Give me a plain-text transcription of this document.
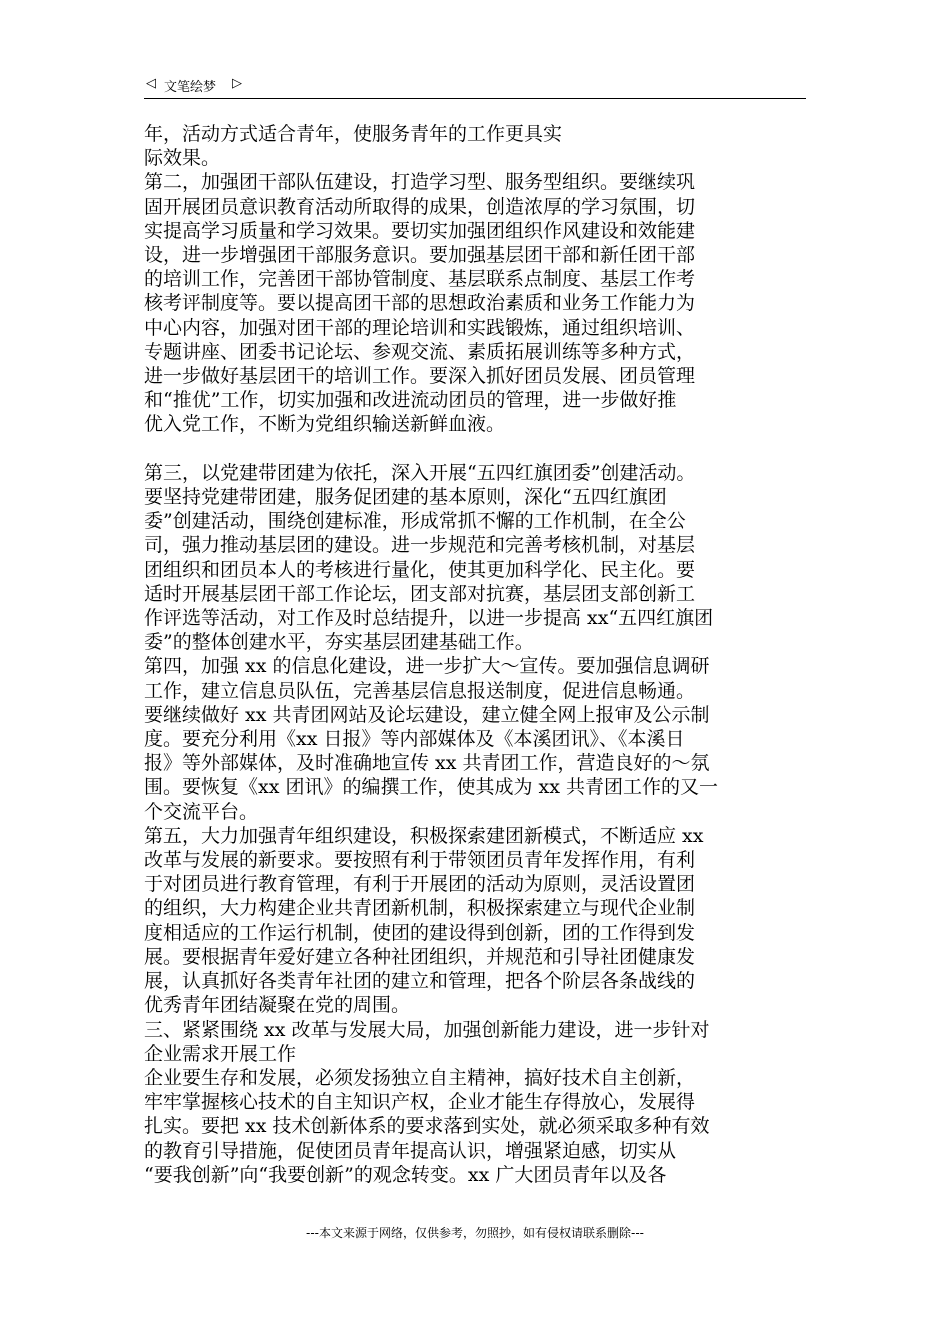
◁ 文笔绘梦 ▷

年，活动方式适合青年，使服务青年的工作更具实

际效果。

第二，加强团干部队伍建设，打造学习型、服务型组织。要继续巩

固开展团员意识教育活动所取得的成果，创造浓厚的学习氛围，切

实提高学习质量和学习效果。要切实加强团组织作风建设和效能建

设，进一步增强团干部服务意识。要加强基层团干部和新任团干部

的培训工作，完善团干部协管制度、基层联系点制度、基层工作考

核考评制度等。要以提高团干部的思想政治素质和业务工作能力为

中心内容，加强对团干部的理论培训和实践锻炼，通过组织培训、

专题讲座、团委书记论坛、参观交流、素质拓展训练等多种方式，

进一步做好基层团干的培训工作。要深入抓好团员发展、团员管理

和“推优”工作，切实加强和改进流动团员的管理，进一步做好推

优入党工作，不断为党组织输送新鲜血液。

第三，以党建带团建为依托，深入开展“五四红旗团委”创建活动。

要坚持党建带团建，服务促团建的基本原则，深化“五四红旗团

委”创建活动，围绕创建标准，形成常抓不懈的工作机制，在全公

司，强力推动基层团的建设。进一步规范和完善考核机制，对基层

团组织和团员本人的考核进行量化，使其更加科学化、民主化。要

适时开展基层团干部工作论坛，团支部对抗赛，基层团支部创新工

作评选等活动，对工作及时总结提升，以进一步提高 xx“五四红旗团

委”的整体创建水平，夯实基层团建基础工作。

第四，加强 xx 的信息化建设，进一步扩大～宣传。要加强信息调研

工作，建立信息员队伍，完善基层信息报送制度，促进信息畅通。

要继续做好 xx 共青团网站及论坛建设，建立健全网上报审及公示制

度。要充分利用《xx 日报》等内部媒体及《本溪团讯》、《本溪日

报》等外部媒体，及时准确地宣传 xx 共青团工作，营造良好的～氛

围。要恢复《xx 团讯》的编撰工作，使其成为 xx 共青团工作的又一

个交流平台。

第五，大力加强青年组织建设，积极探索建团新模式，不断适应 xx

改革与发展的新要求。要按照有利于带领团员青年发挥作用，有利

于对团员进行教育管理，有利于开展团的活动为原则，灵活设置团

的组织，大力构建企业共青团新机制，积极探索建立与现代企业制

度相适应的工作运行机制，使团的建设得到创新，团的工作得到发

展。要根据青年爱好建立各种社团组织，并规范和引导社团健康发

展，认真抓好各类青年社团的建立和管理，把各个阶层各条战线的

优秀青年团结凝聚在党的周围。

三、紧紧围绕 xx 改革与发展大局，加强创新能力建设，进一步针对

企业需求开展工作

企业要生存和发展，必须发扬独立自主精神，搞好技术自主创新，

牢牢掌握核心技术的自主知识产权，企业才能生存得放心，发展得

扎实。要把 xx 技术创新体系的要求落到实处，就必须采取多种有效

的教育引导措施，促使团员青年提高认识，增强紧迫感，切实从

“要我创新”向“我要创新”的观念转变。xx 广大团员青年以及各

---本文来源于网络，仅供参考，勿照抄，如有侵权请联系删除---
